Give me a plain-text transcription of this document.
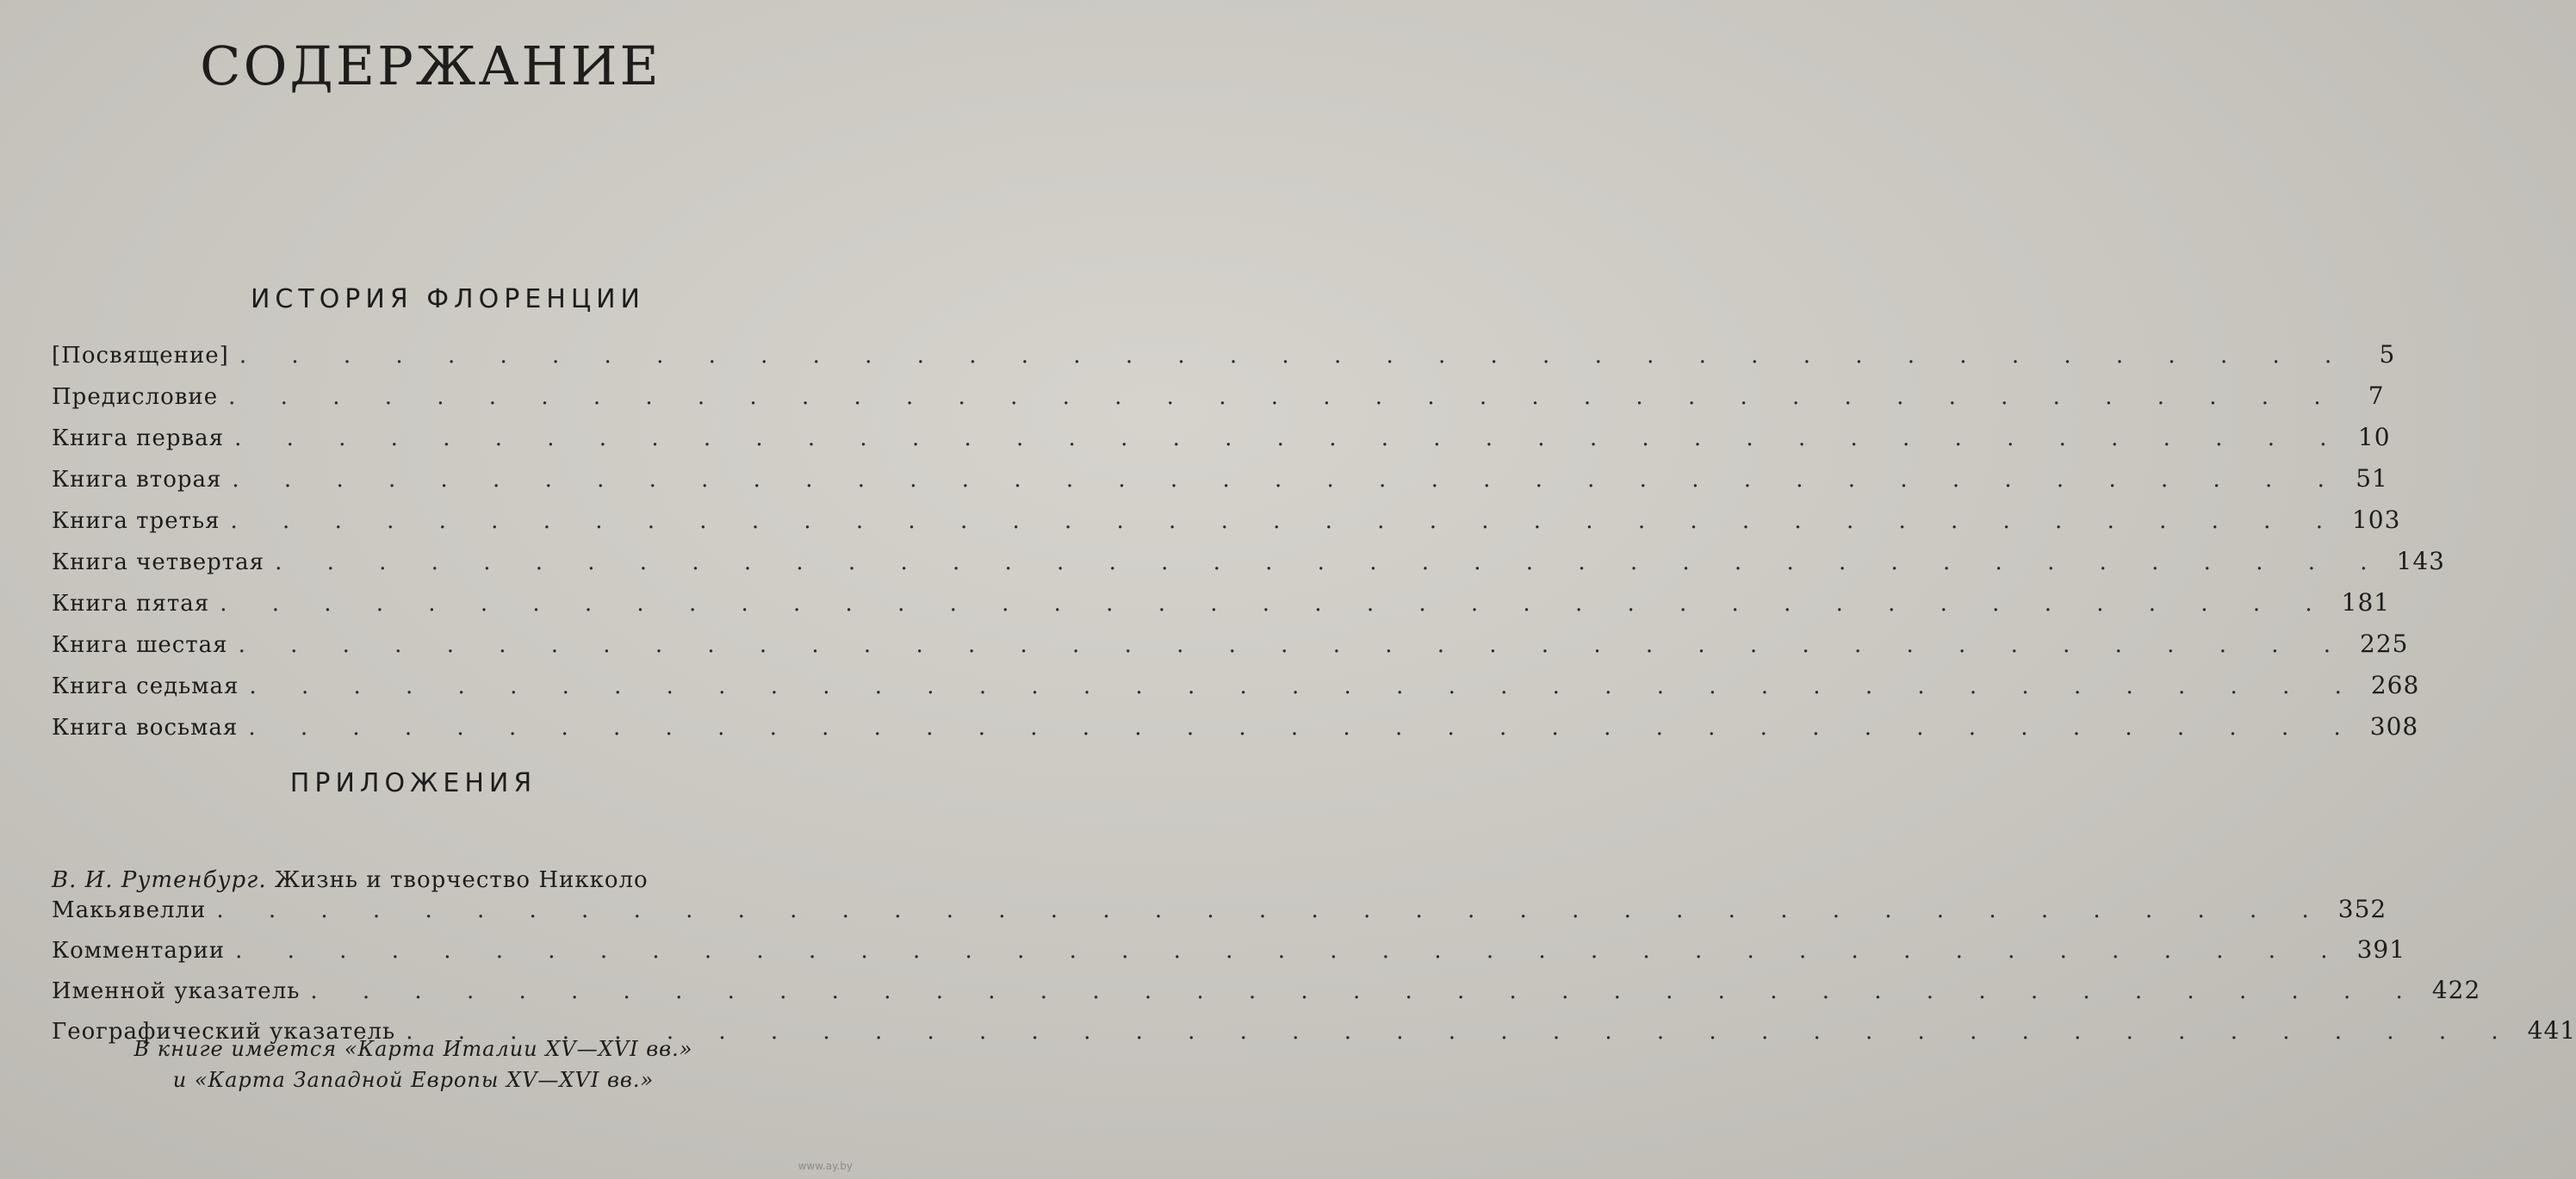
СОДЕРЖАНИЕ
ИСТОРИЯ ФЛОРЕНЦИИ
[Посвящение] . . . . . . . . . . . . . . . . . . . . . . . . . . . . . . . . . . . . . . . . .	5
Предисловие . . . . . . . . . . . . . . . . . . . . . . . . . . . . . . . . . . . . . . . . .	7
Книга первая . . . . . . . . . . . . . . . . . . . . . . . . . . . . . . . . . . . . . . . . . 10
Книга вторая . . . . . . . . . . . . . . . . . . . . . . . . . . . . . . . . . . . . . . . . . 51
Книга третья . . . . . . . . . . . . . . . . . . . . . . . . . . . . . . . . . . . . . . . . . 103
Книга четвертая . . . . . . . . . . . . . . . . . . . . . . . . . . . . . . . . . . . . . . . . . 143
Книга пятая . . . . . . . . . . . . . . . . . . . . . . . . . . . . . . . . . . . . . . . . . 181
Книга шестая . . . . . . . . . . . . . . . . . . . . . . . . . . . . . . . . . . . . . . . . . 225
Книга седьмая . . . . . . . . . . . . . . . . . . . . . . . . . . . . . . . . . . . . . . . . . 268
Книга восьмая . . . . . . . . . . . . . . . . . . . . . . . . . . . . . . . . . . . . . . . . . 308
ПРИЛОЖЕНИЯ
В. И. Рутенбург. Жизнь и творчество Никколо
Макьявелли . . . . . . . . . . . . . . . . . . . . . . . . . . . . . . . . . . . . . . . . . 352
Комментарии . . . . . . . . . . . . . . . . . . . . . . . . . . . . . . . . . . . . . . . . . 391
Именной указатель . . . . . . . . . . . . . . . . . . . . . . . . . . . . . . . . . . . . . . . . . 422
Географический указатель . . . . . . . . . . . . . . . . . . . . . . . . . . . . . . . . . . . . . . . . . 441
В книге имеется «Карта Италии XV—XVI вв.»
и «Карта Западной Европы XV—XVI вв.»
www.ay.by
